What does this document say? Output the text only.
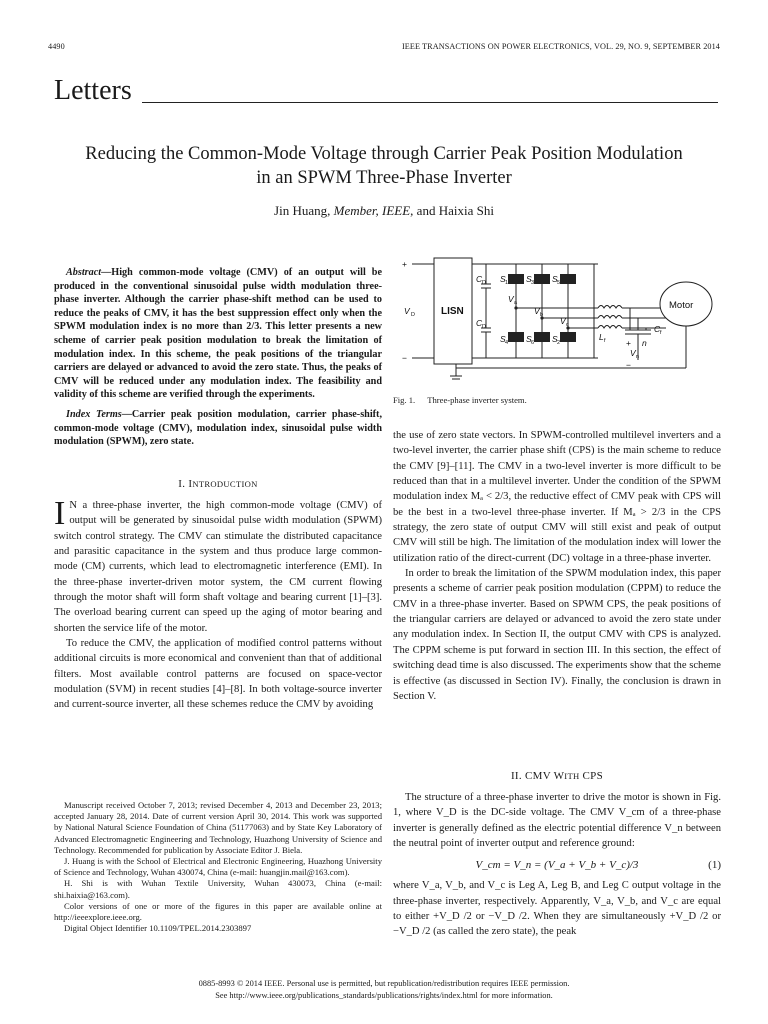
4490	IEEE TRANSACTIONS ON POWER ELECTRONICS, VOL. 29, NO. 9, SEPTEMBER 2014
Letters
Reducing the Common-Mode Voltage through Carrier Peak Position Modulation
in an SPWM Three-Phase Inverter
Jin Huang, Member, IEEE, and Haixia Shi

Abstract—High common-mode voltage (CMV) of an output will be produced in the conventional sinusoidal pulse width modulation three-phase inverter. Although the carrier phase-shift method can be used to reduce the peaks of CMV, it has the best suppression effect only when the SPWM modulation index is no more than 2/3. This letter presents a new scheme of carrier peak position modulation to break the limitation of modulation index. In this scheme, the peak positions of the triangular carriers are delayed or advanced to avoid the zero state. Thus, the peaks of CMV will be reduced under any modulation index. The feasibility and validity of this scheme are verified through the experiments.

Index Terms—Carrier peak position modulation, carrier phase-shift, common-mode voltage (CMV), modulation index, sinusoidal pulse width modulation (SPWM), zero state.

I. INTRODUCTION

I N a three-phase inverter, the high common-mode voltage (CMV) of output will be generated by sinusoidal pulse width modulation (SPWM) switch control strategy. The CMV can stimulate the distributed capacitance and parasitic capacitance in the system and thus produce large common-mode (CM) currents, which lead to electromagnetic interference (EMI). In the three-phase inverter-driven motor system, the CM current flowing through the motor shaft will form shaft voltage and bearing current [1]–[3]. The overload bearing current can speed up the aging of motor bearing and shorten the service life of the motor.

To reduce the CMV, the application of modified control patterns without additional circuits is more economical and convenient than that of additional filters. Most available control patterns are focused on space-vector modulation (SVM) in recent studies [4]–[8]. In both voltage-source inverter and current-source inverter, all these schemes reduce the CMV by avoiding

Manuscript received October 7, 2013; revised December 4, 2013 and December 23, 2013; accepted January 28, 2014. Date of current version April 30, 2014. This work was supported by National Natural Science Foundation of China (51177063) and by State Key Laboratory of Advanced Electromagnetic Engineering and Technology, Huazhong University of Science and Technology. Recommended for publication by Associate Editor J. Biela.

J. Huang is with the School of Electrical and Electronic Engineering, Huazhong University of Science and Technology, Wuhan 430074, China (e-mail: huangjin.mail@163.com).

H. Shi is with Wuhan Textile University, Wuhan 430073, China (e-mail: shi.haixia@163.com).

Color versions of one or more of the figures in this paper are available online at http://ieeexplore.ieee.org.

Digital Object Identifier 10.1109/TPEL.2014.2303897

+
−
V D	LISN
C D
C D
S 1 S 3 S 5
S 4 S 6 S 2
V a
V b
V c
L f
C f
+ n
V n
−
Motor
Fig. 1. Three-phase inverter system.

the use of zero state vectors. In SPWM-controlled multilevel inverters and a two-level inverter, the carrier phase shift (CPS) is the main scheme to reduce the CMV [9]–[11]. The CMV in a two-level inverter is more difficult to be reduced than that in a multilevel inverter. Under the condition of the SPWM modulation index Mₐ < 2/3, the reductive effect of CMV peak with CPS will be the best in a two-level three-phase inverter. If Mₐ > 2/3 in the CPS strategy, the zero state of output CMV will still exist and peak of output CMV will still be high. The limitation of the modulation index will lower the utilization ratio of the direct-current (DC) voltage in a three-phase inverter.

In order to break the limitation of the SPWM modulation index, this paper presents a scheme of carrier peak position modulation (CPPM) to reduce the CMV in a three-phase inverter. Based on SPWM CPS, the peak positions of the triangular carriers are delayed or advanced to avoid the zero state under any modulation index. In Section II, the output CMV with CPS is analyzed. The CPPM scheme is put forward in section III. In this section, the effect of switching dead time is also discussed. The experiments show that the scheme is effective (as discussed in Section IV). Finally, the conclusion is drawn in Section V.

II. CMV WITH CPS

The structure of a three-phase inverter to drive the motor is shown in Fig. 1, where V_D is the DC-side voltage. The CMV V_cm of a three-phase inverter is generally defined as the electric potential difference V_n between the neutral point of inverter output and reference ground:

V_cm = V_n = (V_a + V_b + V_c)/3	(1)

where V_a, V_b, and V_c is Leg A, Leg B, and Leg C output voltage in the three-phase inverter, respectively. Apparently, V_a, V_b, and V_c are equal to either +V_D /2 or −V_D /2. When they are simultaneously +V_D /2 or −V_D /2 (as called the zero state), the peak

0885-8993 © 2014 IEEE. Personal use is permitted, but republication/redistribution requires IEEE permission.
See http://www.ieee.org/publications_standards/publications/rights/index.html for more information.
